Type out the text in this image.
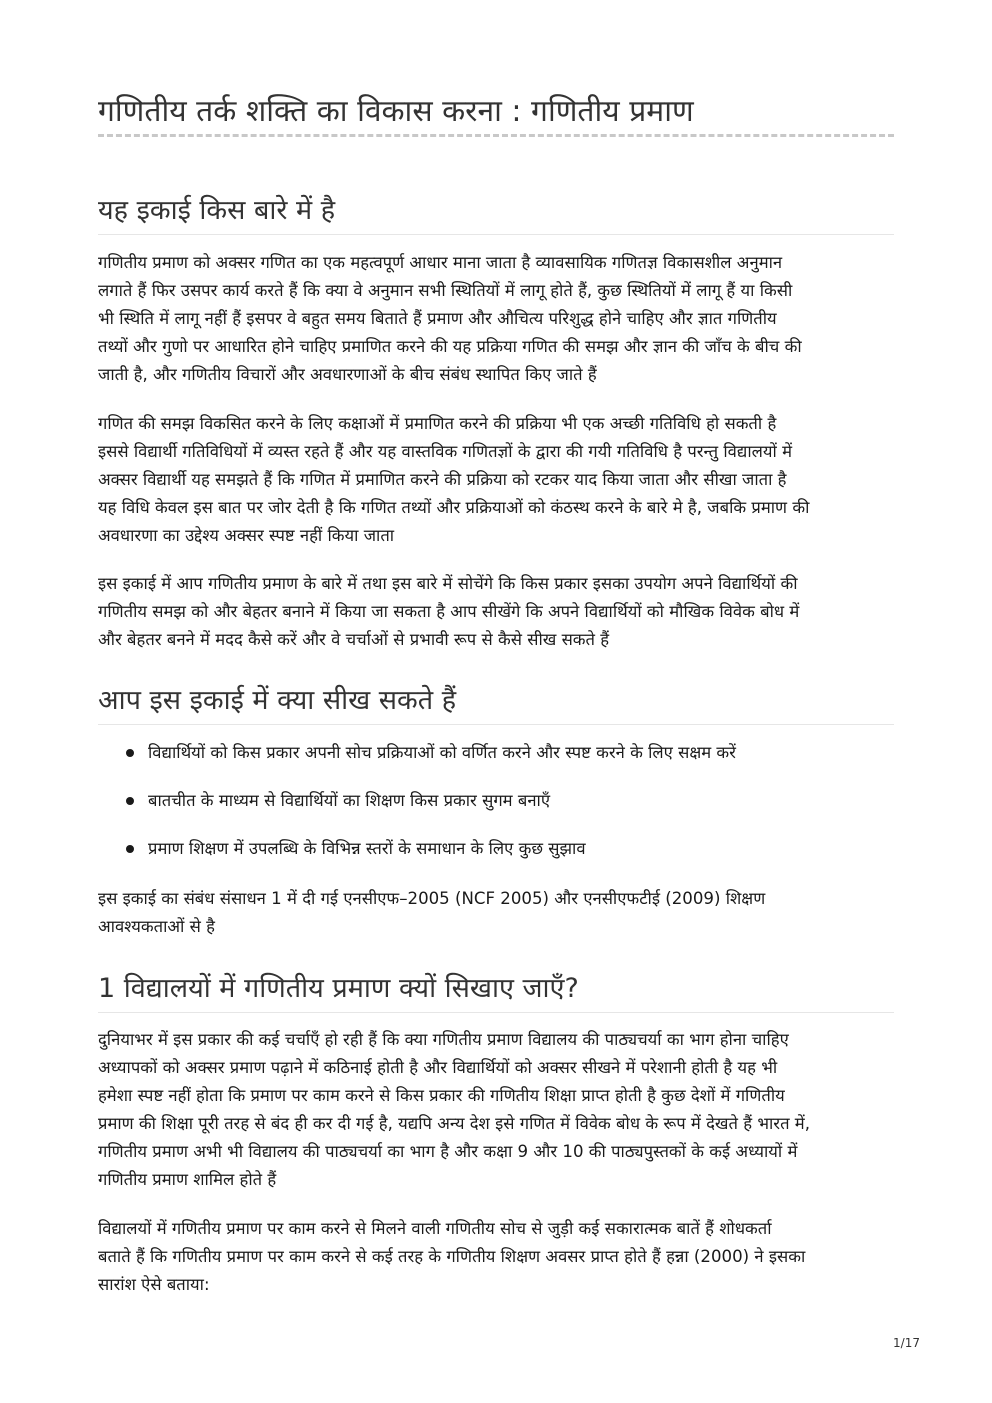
गणितीय तर्क शक्ति का विकास करना : गणितीय प्रमाण
यह इकाई किस बारे में है

गणितीय प्रमाण को अक्सर गणित का एक महत्वपूर्ण आधार माना जाता है व्यावसायिक गणितज्ञ विकासशील अनुमान
लगाते हैं फिर उसपर कार्य करते हैं कि क्या वे अनुमान सभी स्थितियों में लागू होते हैं, कुछ स्थितियों में लागू हैं या किसी
भी स्थिति में लागू नहीं हैं इसपर वे बहुत समय बिताते हैं प्रमाण और औचित्य परिशुद्ध होने चाहिए और ज्ञात गणितीय
तथ्यों और गुणो पर आधारित होने चाहिए प्रमाणित करने की यह प्रक्रिया गणित की समझ और ज्ञान की जाँच के बीच की
जाती है, और गणितीय विचारों और अवधारणाओं के बीच संबंध स्थापित किए जाते हैं

गणित की समझ विकसित करने के लिए कक्षाओं में प्रमाणित करने की प्रक्रिया भी एक अच्छी गतिविधि हो सकती है
इससे विद्यार्थी गतिविधियों में व्यस्त रहते हैं और यह वास्तविक गणितज्ञों के द्वारा की गयी गतिविधि है परन्तु विद्यालयों में
अक्सर विद्यार्थी यह समझते हैं कि गणित में प्रमाणित करने की प्रक्रिया को रटकर याद किया जाता और सीखा जाता है
यह विधि केवल इस बात पर जोर देती है कि गणित तथ्यों और प्रक्रियाओं को कंठस्थ करने के बारे मे है, जबकि प्रमाण की
अवधारणा का उद्देश्य अक्सर स्पष्ट नहीं किया जाता

इस इकाई में आप गणितीय प्रमाण के बारे में तथा इस बारे में सोचेंगे कि किस प्रकार इसका उपयोग अपने विद्यार्थियों की
गणितीय समझ को और बेहतर बनाने में किया जा सकता है आप सीखेंगे कि अपने विद्यार्थियों को मौखिक विवेक बोध में
और बेहतर बनने में मदद कैसे करें और वे चर्चाओं से प्रभावी रूप से कैसे सीख सकते हैं

आप इस इकाई में क्या सीख सकते हैं
विद्यार्थियों को किस प्रकार अपनी सोच प्रक्रियाओं को वर्णित करने और स्पष्ट करने के लिए सक्षम करें
बातचीत के माध्यम से विद्यार्थियों का शिक्षण किस प्रकार सुगम बनाएँ
प्रमाण शिक्षण में उपलब्धि के विभिन्न स्तरों के समाधान के लिए कुछ सुझाव

इस इकाई का संबंध संसाधन 1 में दी गई एनसीएफ–2005 (NCF 2005) और एनसीएफटीई (2009) शिक्षण
आवश्यकताओं से है

1 विद्यालयों में गणितीय प्रमाण क्यों सिखाए जाएँ?

दुनियाभर में इस प्रकार की कई चर्चाएँ हो रही हैं कि क्या गणितीय प्रमाण विद्यालय की पाठ्यचर्या का भाग होना चाहिए
अध्यापकों को अक्सर प्रमाण पढ़ाने में कठिनाई होती है और विद्यार्थियों को अक्सर सीखने में परेशानी होती है यह भी
हमेशा स्पष्ट नहीं होता कि प्रमाण पर काम करने से किस प्रकार की गणितीय शिक्षा प्राप्त होती है कुछ देशों में गणितीय
प्रमाण की शिक्षा पूरी तरह से बंद ही कर दी गई है, यद्यपि अन्य देश इसे गणित में विवेक बोध के रूप में देखते हैं भारत में,
गणितीय प्रमाण अभी भी विद्यालय की पाठ्यचर्या का भाग है और कक्षा 9 और 10 की पाठ्यपुस्तकों के कई अध्यायों में
गणितीय प्रमाण शामिल होते हैं

विद्यालयों में गणितीय प्रमाण पर काम करने से मिलने वाली गणितीय सोच से जुड़ी कई सकारात्मक बातें हैं शोधकर्ता
बताते हैं कि गणितीय प्रमाण पर काम करने से कई तरह के गणितीय शिक्षण अवसर प्राप्त होते हैं हन्ना (2000) ने इसका
सारांश ऐसे बताया:

1/17
